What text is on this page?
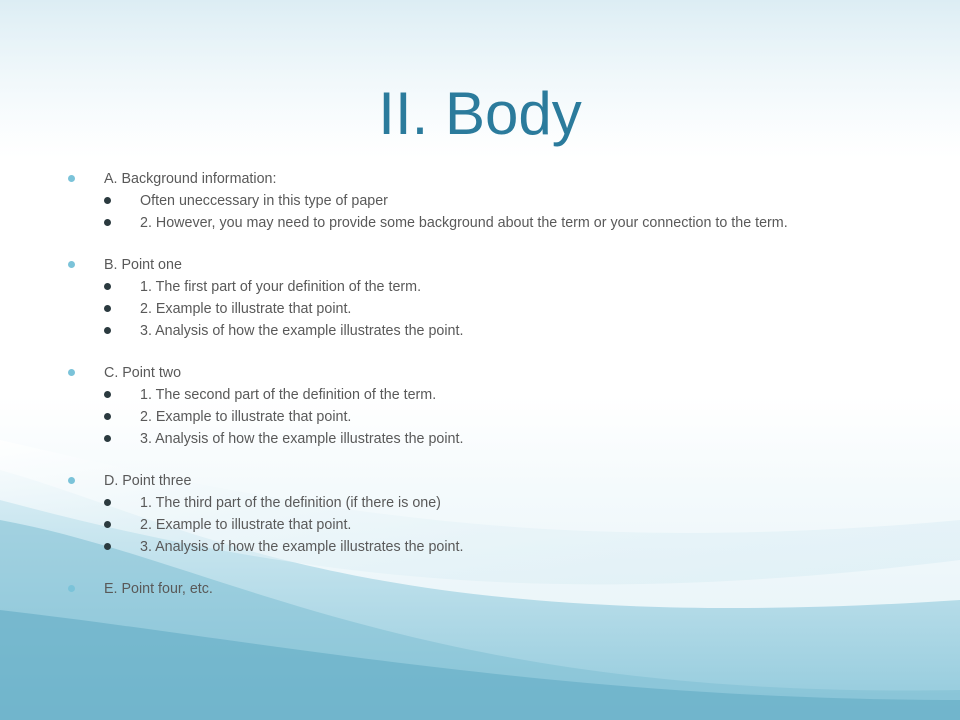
II. Body
A. Background information:
Often uneccessary in this type of paper
2. However, you may need to provide some background about the term or your connection to the term.
B. Point one
1. The first part of your definition of the term.
2. Example to illustrate that point.
3. Analysis of how the example illustrates the point.
C. Point two
1. The second part of the definition of the term.
2. Example to illustrate that point.
3. Analysis of how the example illustrates the point.
D. Point three
1. The third part of the definition (if there is one)
2. Example to illustrate that point.
3. Analysis of how the example illustrates the point.
E. Point four, etc.
